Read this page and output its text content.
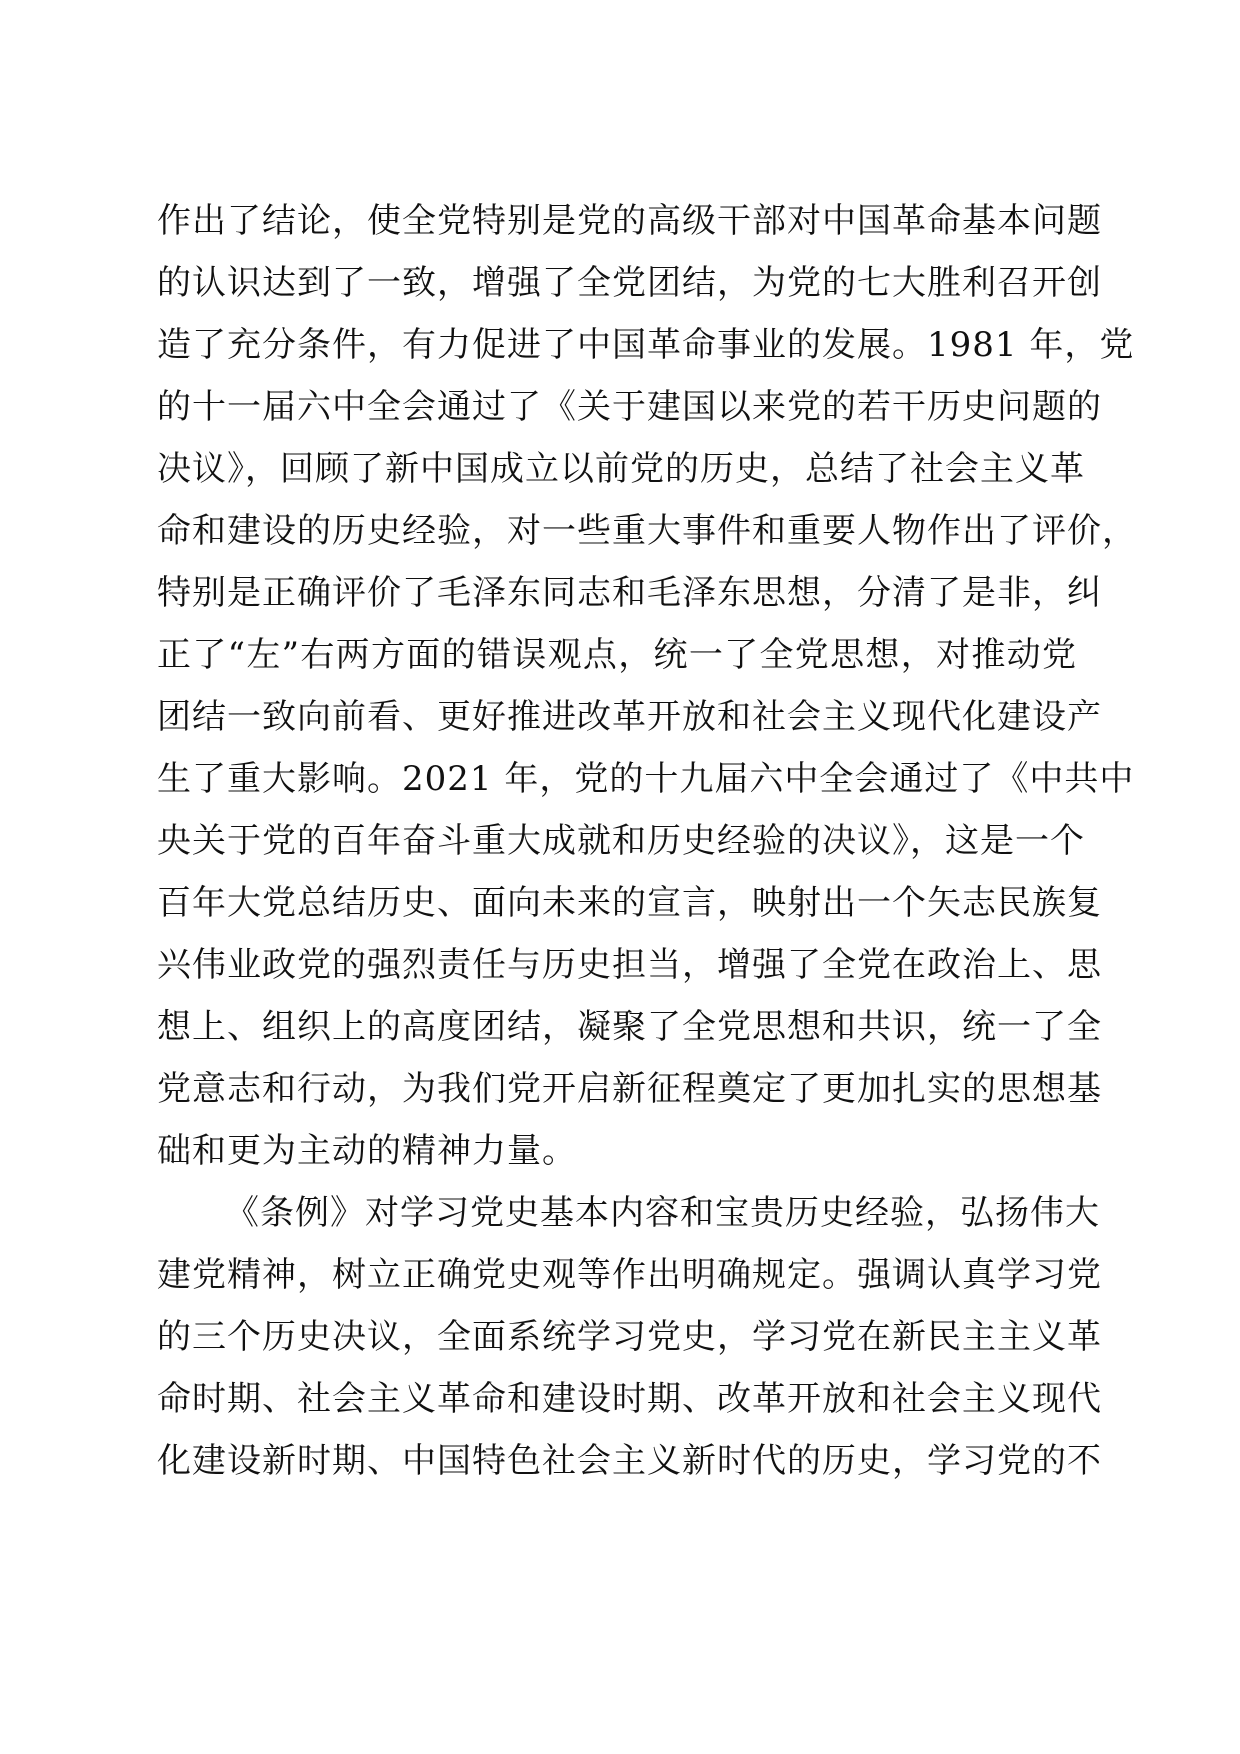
作出了结论，使全党特别是党的高级干部对中国革命基本问题
的认识达到了一致，增强了全党团结，为党的七大胜利召开创
造了充分条件，有力促进了中国革命事业的发展。1981 年，党
的十一届六中全会通过了《关于建国以来党的若干历史问题的
决议》，回顾了新中国成立以前党的历史，总结了社会主义革
命和建设的历史经验，对一些重大事件和重要人物作出了评价，
特别是正确评价了毛泽东同志和毛泽东思想，分清了是非，纠
正了“左”右两方面的错误观点，统一了全党思想，对推动党
团结一致向前看、更好推进改革开放和社会主义现代化建设产
生了重大影响。2021 年，党的十九届六中全会通过了《中共中
央关于党的百年奋斗重大成就和历史经验的决议》，这是一个
百年大党总结历史、面向未来的宣言，映射出一个矢志民族复
兴伟业政党的强烈责任与历史担当，增强了全党在政治上、思
想上、组织上的高度团结，凝聚了全党思想和共识，统一了全
党意志和行动，为我们党开启新征程奠定了更加扎实的思想基
础和更为主动的精神力量。
《条例》对学习党史基本内容和宝贵历史经验，弘扬伟大
建党精神，树立正确党史观等作出明确规定。强调认真学习党
的三个历史决议，全面系统学习党史，学习党在新民主主义革
命时期、社会主义革命和建设时期、改革开放和社会主义现代
化建设新时期、中国特色社会主义新时代的历史，学习党的不
